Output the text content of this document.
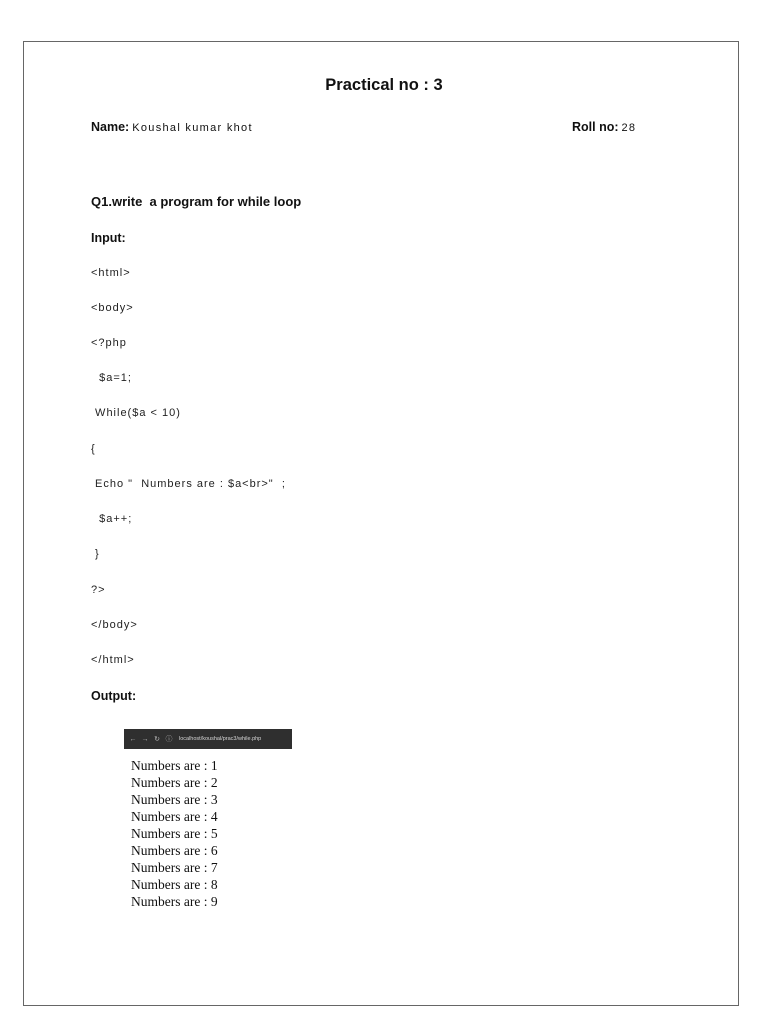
Practical no : 3
Name: Koushal kumar khot	Roll no: 28
Q1.write  a program for while loop
Input:
<html>
<body>
<?php
$a=1;
While($a < 10)
{
Echo "  Numbers are : $a<br>"  ;
$a++;
}
?>
</body>
</html>
Output:
← → ↻ ⓘ	localhost/koushal/prac3/while.php
Numbers are : 1
Numbers are : 2
Numbers are : 3
Numbers are : 4
Numbers are : 5
Numbers are : 6
Numbers are : 7
Numbers are : 8
Numbers are : 9
